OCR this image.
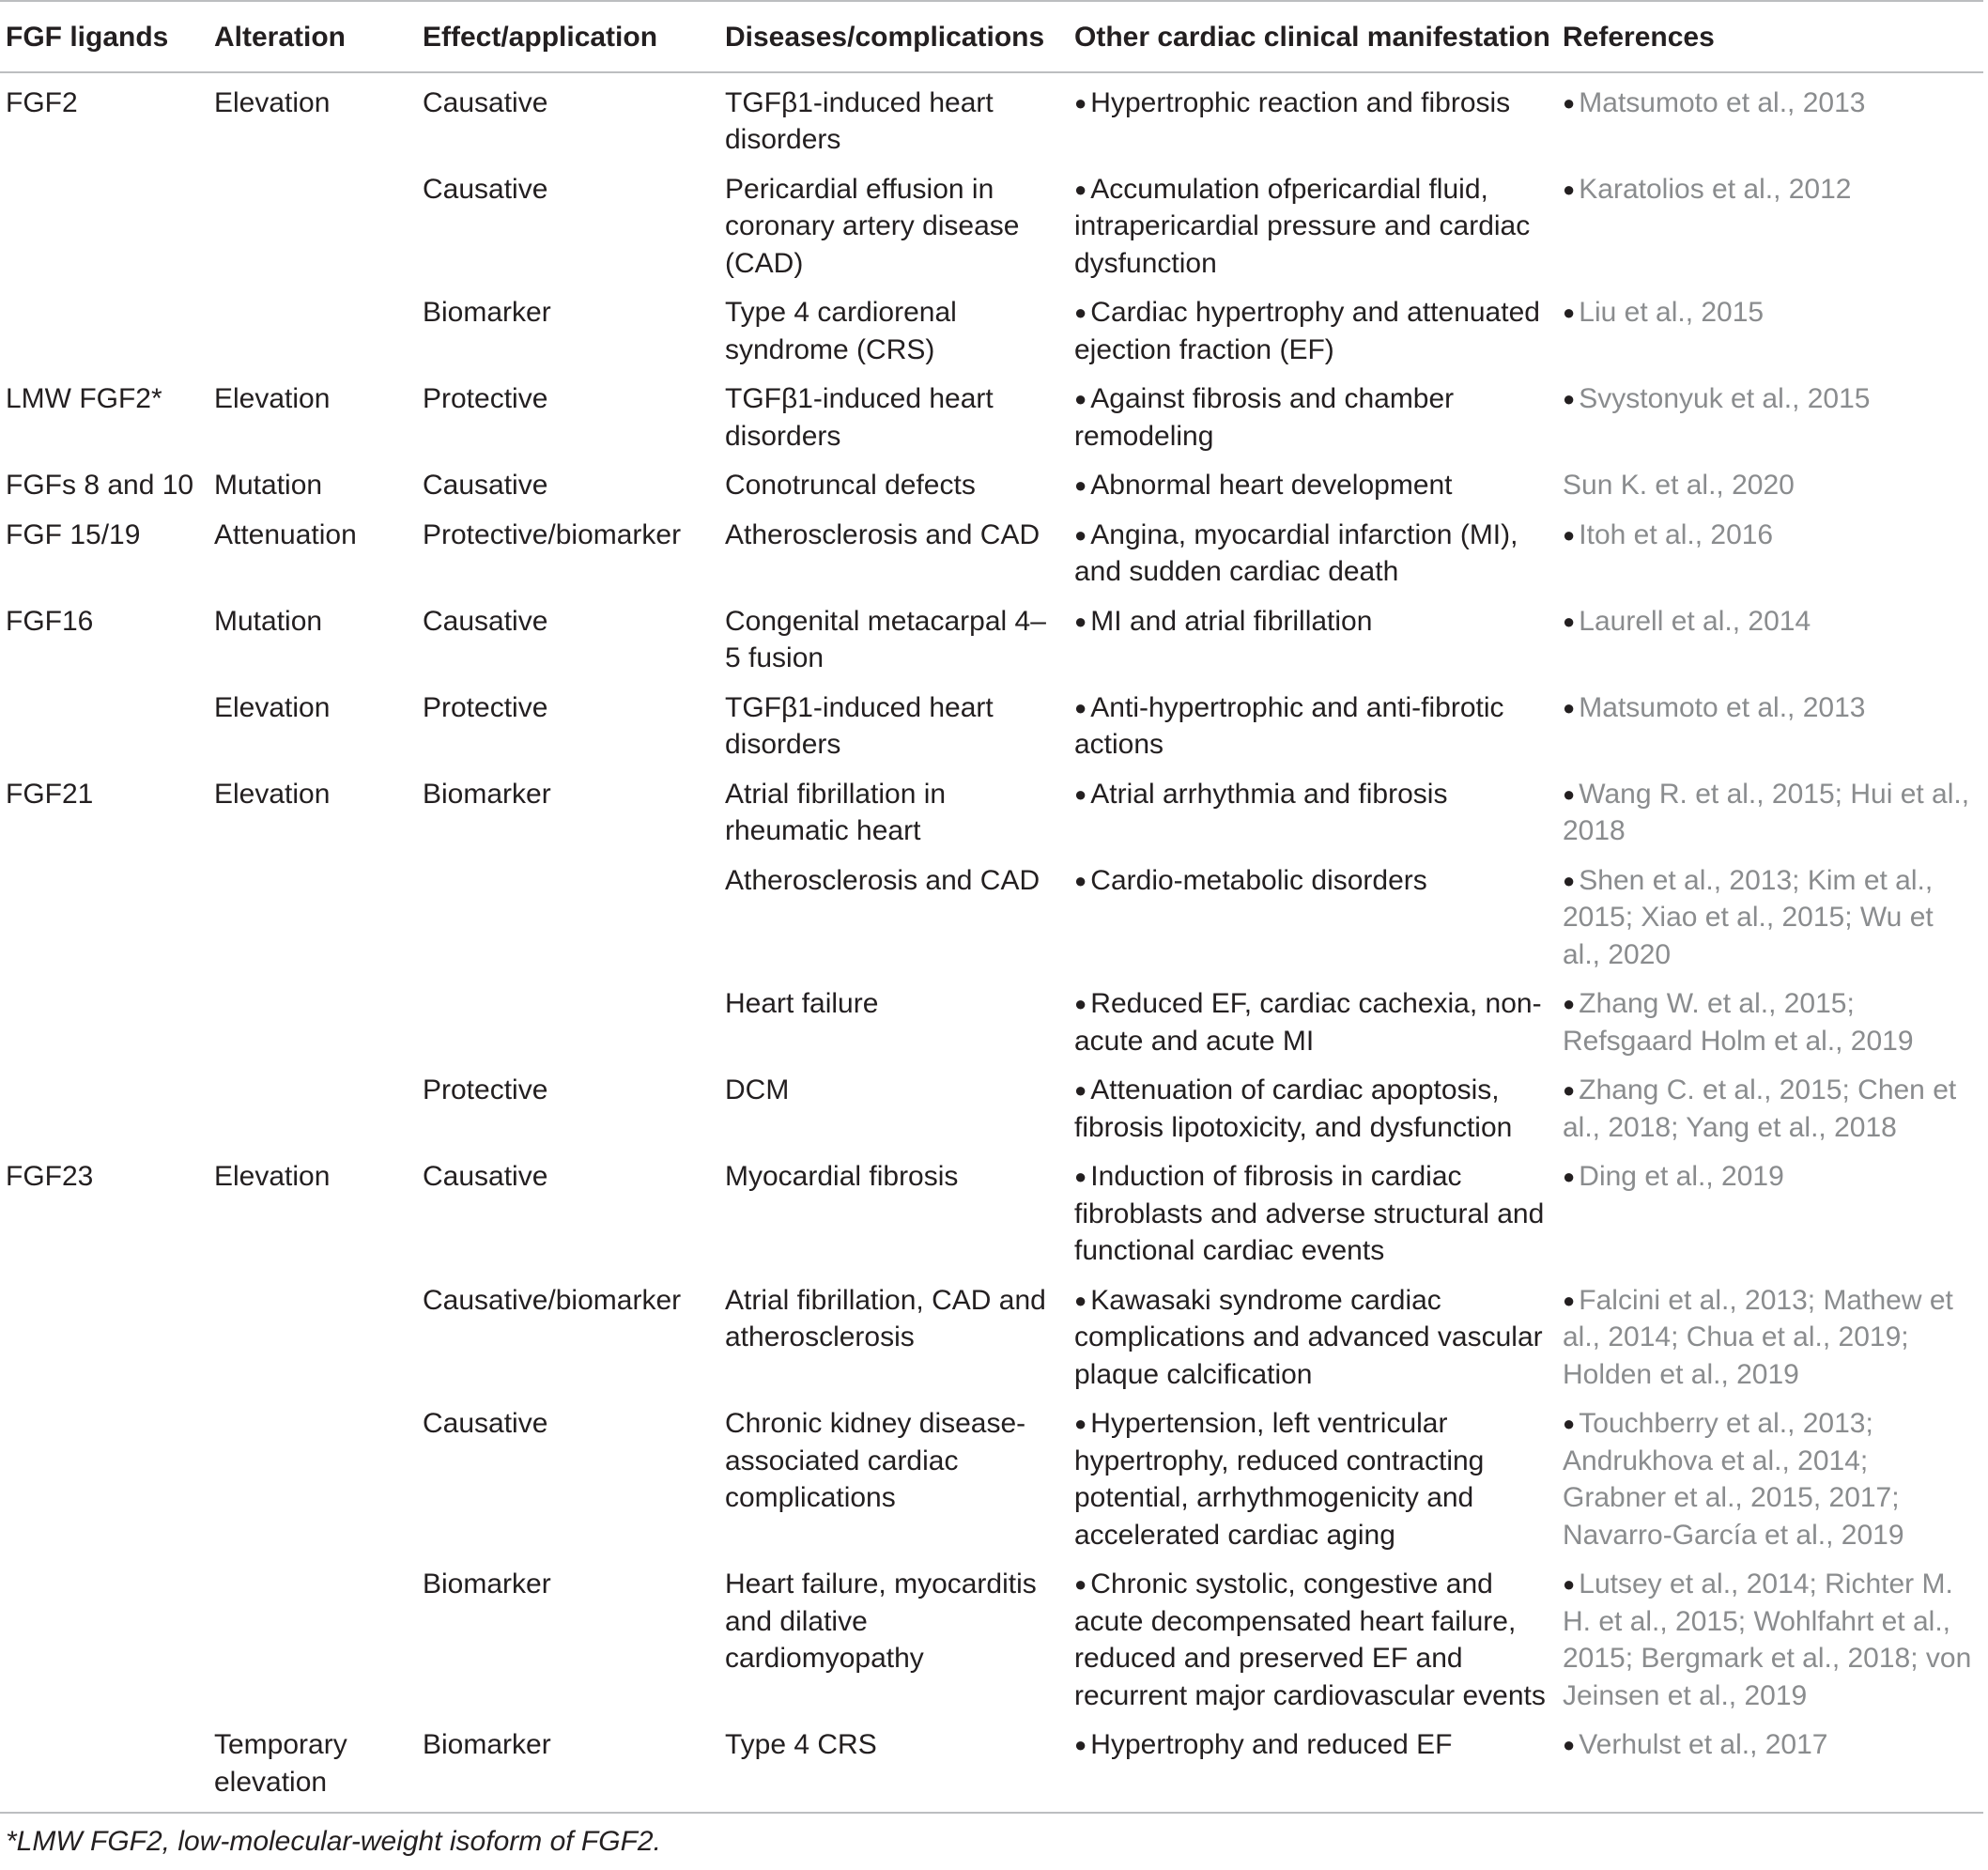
FGF ligands	Alteration	Effect/application	Diseases/complications	Other cardiac clinical manifestation	References
FGF2	Elevation	Causative	TGFβ1-induced heart disorders	● Hypertrophic reaction and fibrosis	● Matsumoto et al., 2013
		Causative	Pericardial effusion in coronary artery disease (CAD)	● Accumulation ofpericardial fluid, intrapericardial pressure and cardiac dysfunction	● Karatolios et al., 2012
		Biomarker	Type 4 cardiorenal syndrome (CRS)	● Cardiac hypertrophy and attenuated ejection fraction (EF)	● Liu et al., 2015
LMW FGF2*	Elevation	Protective	TGFβ1-induced heart disorders	● Against fibrosis and chamber remodeling	● Svystonyuk et al., 2015
FGFs 8 and 10	Mutation	Causative	Conotruncal defects	● Abnormal heart development	Sun K. et al., 2020
FGF 15/19	Attenuation	Protective/biomarker	Atherosclerosis and CAD	● Angina, myocardial infarction (MI), and sudden cardiac death	● Itoh et al., 2016
FGF16	Mutation	Causative	Congenital metacarpal 4–5 fusion	● MI and atrial fibrillation	● Laurell et al., 2014
	Elevation	Protective	TGFβ1-induced heart disorders	● Anti-hypertrophic and anti-fibrotic actions	● Matsumoto et al., 2013
FGF21	Elevation	Biomarker	Atrial fibrillation in rheumatic heart	● Atrial arrhythmia and fibrosis	● Wang R. et al., 2015; Hui et al., 2018
			Atherosclerosis and CAD	● Cardio-metabolic disorders	● Shen et al., 2013; Kim et al., 2015; Xiao et al., 2015; Wu et al., 2020
			Heart failure	● Reduced EF, cardiac cachexia, non-acute and acute MI	● Zhang W. et al., 2015; Refsgaard Holm et al., 2019
		Protective	DCM	● Attenuation of cardiac apoptosis, fibrosis lipotoxicity, and dysfunction	● Zhang C. et al., 2015; Chen et al., 2018; Yang et al., 2018
FGF23	Elevation	Causative	Myocardial fibrosis	● Induction of fibrosis in cardiac fibroblasts and adverse structural and functional cardiac events	● Ding et al., 2019
		Causative/biomarker	Atrial fibrillation, CAD and atherosclerosis	● Kawasaki syndrome cardiac complications and advanced vascular plaque calcification	● Falcini et al., 2013; Mathew et al., 2014; Chua et al., 2019; Holden et al., 2019
		Causative	Chronic kidney disease-associated cardiac complications	● Hypertension, left ventricular hypertrophy, reduced contracting potential, arrhythmogenicity and accelerated cardiac aging	● Touchberry et al., 2013; Andrukhova et al., 2014; Grabner et al., 2015, 2017; Navarro-García et al., 2019
		Biomarker	Heart failure, myocarditis and dilative cardiomyopathy	● Chronic systolic, congestive and acute decompensated heart failure, reduced and preserved EF and recurrent major cardiovascular events	● Lutsey et al., 2014; Richter M. H. et al., 2015; Wohlfahrt et al., 2015; Bergmark et al., 2018; von Jeinsen et al., 2019
	Temporary elevation	Biomarker	Type 4 CRS	● Hypertrophy and reduced EF	● Verhulst et al., 2017
*LMW FGF2, low-molecular-weight isoform of FGF2.
